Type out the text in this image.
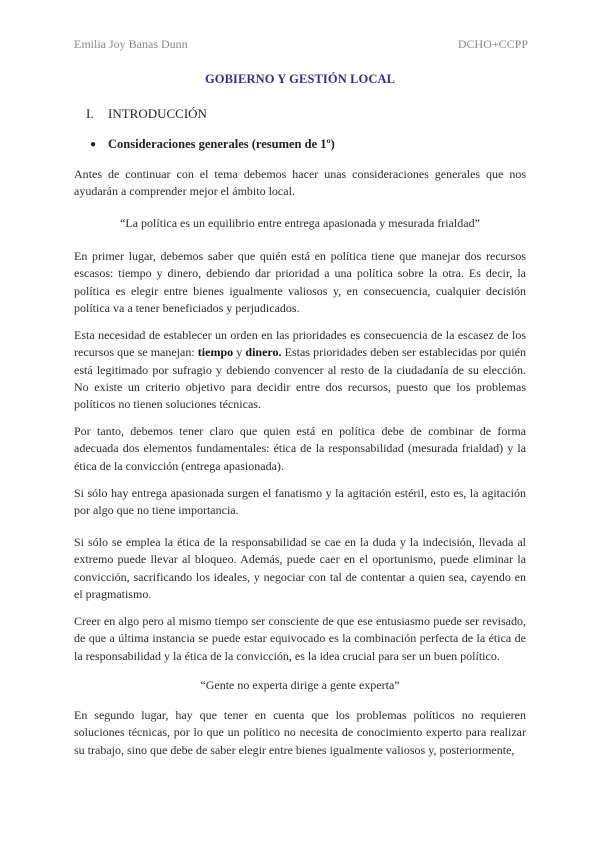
Emilia Joy Banas Dunn	DCHO+CCPP
GOBIERNO Y GESTIÓN LOCAL
I. INTRODUCCIÓN
● Consideraciones generales (resumen de 1º)

Antes de continuar con el tema debemos hacer unas consideraciones generales que nos ayudarán a comprender mejor el ámbito local.

“La política es un equilibrio entre entrega apasionada y mesurada frialdad”

En primer lugar, debemos saber que quién está en política tiene que manejar dos recursos escasos: tiempo y dinero, debiendo dar prioridad a una política sobre la otra. Es decir, la política es elegir entre bienes igualmente valiosos y, en consecuencia, cualquier decisión política va a tener beneficiados y perjudicados.

Esta necesidad de establecer un orden en las prioridades es consecuencia de la escasez de los recursos que se manejan: tiempo y dinero. Estas prioridades deben ser establecidas por quién está legitimado por sufragio y debiendo convencer al resto de la ciudadanía de su elección. No existe un criterio objetivo para decidir entre dos recursos, puesto que los problemas políticos no tienen soluciones técnicas.

Por tanto, debemos tener claro que quien está en política debe de combinar de forma adecuada dos elementos fundamentales: ética de la responsabilidad (mesurada frialdad) y la ética de la convicción (entrega apasionada).

Si sólo hay entrega apasionada surgen el fanatismo y la agitación estéril, esto es, la agitación por algo que no tiene importancia.

Si sólo se emplea la ética de la responsabilidad se cae en la duda y la indecisión, llevada al extremo puede llevar al bloqueo. Además, puede caer en el oportunismo, puede eliminar la convicción, sacrificando los ideales, y negociar con tal de contentar a quien sea, cayendo en el pragmatismo.

Creer en algo pero al mismo tiempo ser consciente de que ese entusiasmo puede ser revisado, de que a última instancia se puede estar equivocado es la combinación perfecta de la ética de la responsabilidad y la ética de la convicción, es la idea crucial para ser un buen político.

“Gente no experta dirige a gente experta”

En segundo lugar, hay que tener en cuenta que los problemas políticos no requieren soluciones técnicas, por lo que un político no necesita de conocimiento experto para realizar su trabajo, sino que debe de saber elegir entre bienes igualmente valiosos y, posteriormente,
